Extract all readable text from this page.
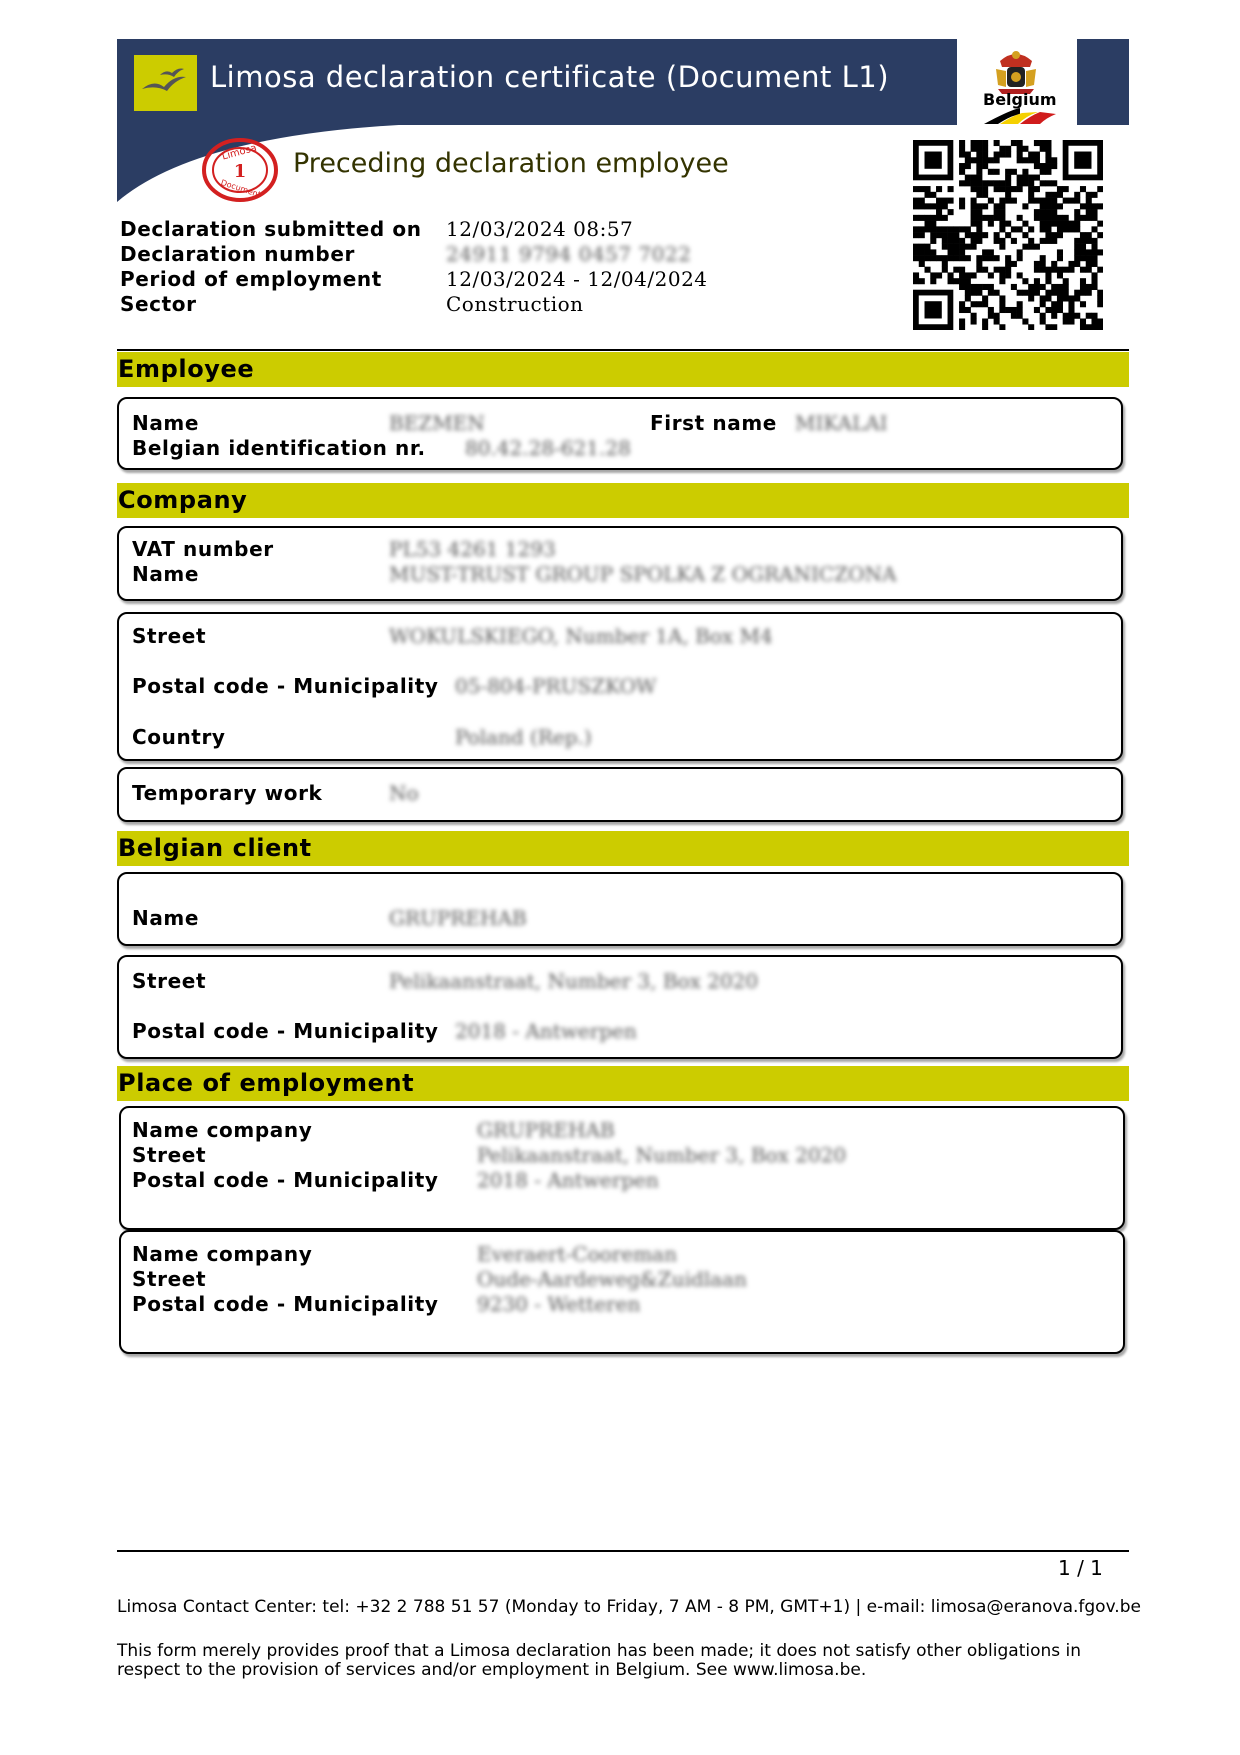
Limosa declaration certificate (Document L1)
Belgium
Limosa
1
Document
Preceding declaration employee
Declaration submitted on 12/03/2024 08:57
Declaration number	24911 9794 0457 7022
Period of employment	12/03/2024 - 12/04/2024
Sector	Construction
Employee
Name	BEZMEN	First name MIKALAI
Belgian identification nr. 80.42.28-621.28
Company
VAT number	PL53 4261 1293
Name	MUST-TRUST GROUP SPOLKA Z OGRANICZONA
Street	WOKULSKIEGO, Number 1A, Box M4
Postal code - Municipality 05-804-PRUSZKOW
Country	Poland (Rep.)
Temporary work	No
Belgian client
Name	GRUPREHAB
Street	Pelikaanstraat, Number 3, Box 2020
Postal code - Municipality 2018 - Antwerpen
Place of employment
Name company	GRUPREHAB
Street	Pelikaanstraat, Number 3, Box 2020
Postal code - Municipality 2018 - Antwerpen
Name company	Everaert-Cooreman
Street	Oude-Aardeweg&Zuidlaan
Postal code - Municipality 9230 - Wetteren
1 / 1
Limosa Contact Center: tel: +32 2 788 51 57 (Monday to Friday, 7 AM - 8 PM, GMT+1) | e-mail: limosa@eranova.fgov.be
This form merely provides proof that a Limosa declaration has been made; it does not satisfy other obligations in respect to the provision of services and/or employment in Belgium. See www.limosa.be.
